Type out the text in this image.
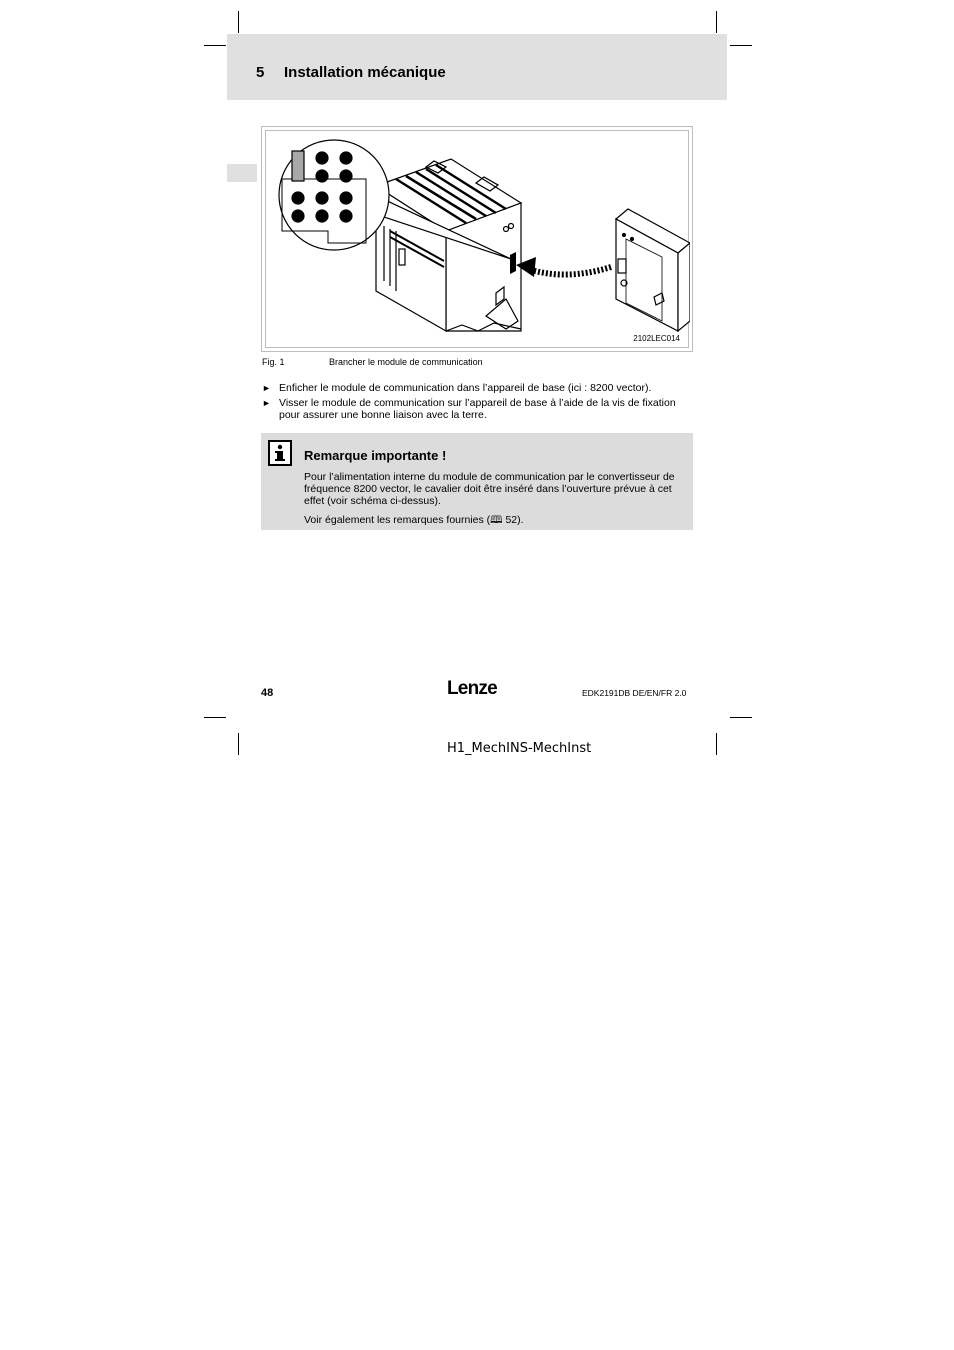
5 Installation mécanique
2102LEC014
Fig. 1	Brancher le module de communication
► Enficher le module de communication dans l’appareil de base (ici : 8200 vector).
► Visser le module de communication sur l’appareil de base à l’aide de la vis de fixation pour assurer une bonne liaison avec la terre.
Remarque importante !
Pour l’alimentation interne du module de communication par le convertisseur de fréquence 8200 vector, le cavalier doit être inséré dans l’ouverture prévue à cet effet (voir schéma ci-dessus).
Voir également les remarques fournies (🕮 52).
48	Lenze	EDK2191DB DE/EN/FR 2.0
H1_MechINS-MechInst
